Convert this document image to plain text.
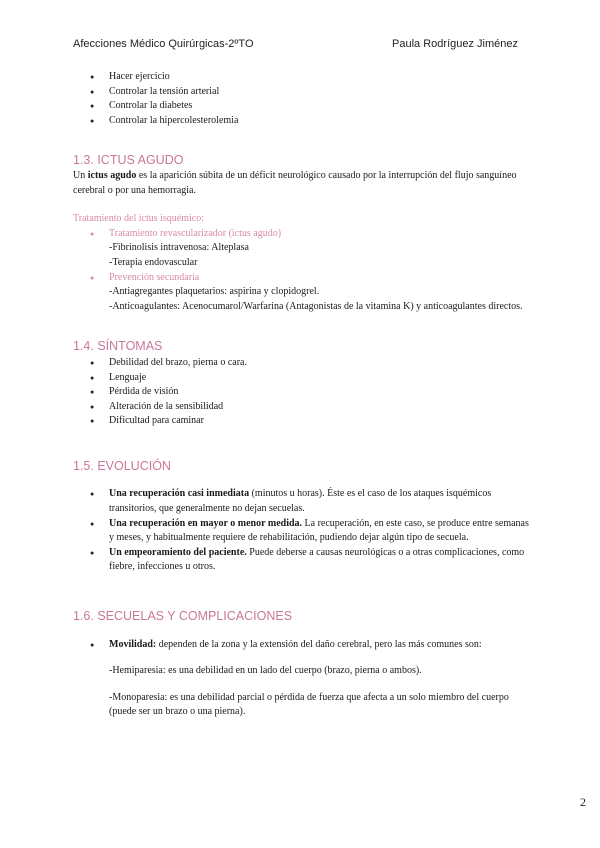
Afecciones Médico Quirúrgicas-2ºTO	Paula Rodríguez Jiménez
● Hacer ejercicio
● Controlar la tensión arterial
● Controlar la diabetes
● Controlar la hipercolesterolemia
1.3. ICTUS AGUDO

Un ictus agudo es la aparición súbita de un déficit neurológico causado por la interrupción del flujo sanguíneo cerebral o por una hemorragia.

Tratamiento del ictus isquémico:

● Tratamiento revascularizador (ictus agudo)

-Fibrinolisis intravenosa: Alteplasa

-Terapia endovascular

● Prevención secundaria

-Antiagregantes plaquetarios: aspirina y clopidogrel.

-Anticoagulantes: Acenocumarol/Warfarina (Antagonistas de la vitamina K) y anticoagulantes directos.

1.4. SÍNTOMAS
● Debilidad del brazo, pierna o cara.
● Lenguaje
● Pérdida de visión
● Alteración de la sensibilidad
● Dificultad para caminar
1.5. EVOLUCIÓN
● Una recuperación casi inmediata (minutos u horas). Éste es el caso de los ataques isquémicos transitorios, que generalmente no dejan secuelas.
● Una recuperación en mayor o menor medida. La recuperación, en este caso, se produce entre semanas y meses, y habitualmente requiere de rehabilitación, pudiendo dejar algún tipo de secuela.
● Un empeoramiento del paciente. Puede deberse a causas neurológicas o a otras complicaciones, como fiebre, infecciones u otros.
1.6. SECUELAS Y COMPLICACIONES
● Movilidad: dependen de la zona y la extensión del daño cerebral, pero las más comunes son:

-Hemiparesia: es una debilidad en un lado del cuerpo (brazo, pierna o ambos).

-Monoparesia: es una debilidad parcial o pérdida de fuerza que afecta a un solo miembro del cuerpo (puede ser un brazo o una pierna).

2
